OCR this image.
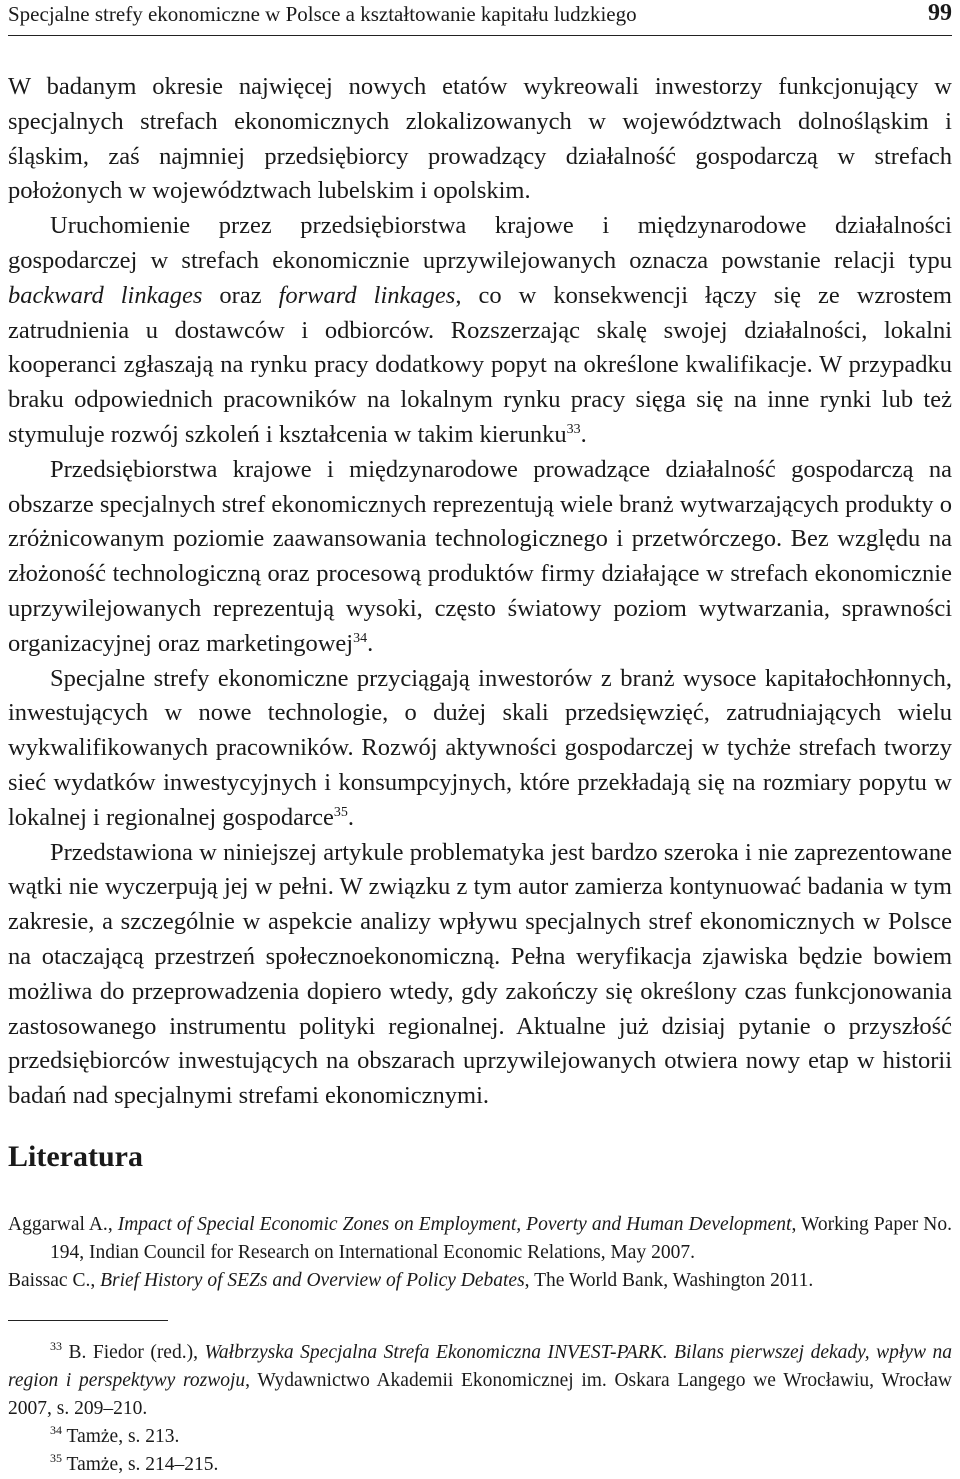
Specjalne strefy ekonomiczne w Polsce a kształtowanie kapitału ludzkiego	99

W badanym okresie najwięcej nowych etatów wykreowali inwestorzy funkcjonujący w specjalnych strefach ekonomicznych zlokalizowanych w województwach dolnośląskim i śląskim, zaś najmniej przedsiębiorcy prowadzący działalność gospodarczą w strefach położonych w województwach lubelskim i opolskim.

Uruchomienie przez przedsiębiorstwa krajowe i międzynarodowe działalności gospodarczej w strefach ekonomicznie uprzywilejowanych oznacza powstanie relacji typu backward linkages oraz forward linkages, co w konsekwencji łączy się ze wzrostem zatrudnienia u dostawców i odbiorców. Rozszerzając skalę swojej działalności, lokalni kooperanci zgłaszają na rynku pracy dodatkowy popyt na określone kwalifikacje. W przypadku braku odpowiednich pracowników na lokalnym rynku pracy sięga się na inne rynki lub też stymuluje rozwój szkoleń i kształcenia w takim kierunku$^{33}$.

Przedsiębiorstwa krajowe i międzynarodowe prowadzące działalność gospodarczą na obszarze specjalnych stref ekonomicznych reprezentują wiele branż wytwarzających produkty o zróżnicowanym poziomie zaawansowania technologicznego i przetwórczego. Bez względu na złożoność technologiczną oraz procesową produktów firmy działające w strefach ekonomicznie uprzywilejowanych reprezentują wysoki, często światowy poziom wytwarzania, sprawności organizacyjnej oraz marketingowej$^{34}$.

Specjalne strefy ekonomiczne przyciągają inwestorów z branż wysoce kapitałochłonnych, inwestujących w nowe technologie, o dużej skali przedsięwzięć, zatrudniających wielu wykwalifikowanych pracowników. Rozwój aktywności gospodarczej w tychże strefach tworzy sieć wydatków inwestycyjnych i konsumpcyjnych, które przekładają się na rozmiary popytu w lokalnej i regionalnej gospodarce$^{35}$.

Przedstawiona w niniejszej artykule problematyka jest bardzo szeroka i nie zaprezentowane wątki nie wyczerpują jej w pełni. W związku z tym autor zamierza kontynuować badania w tym zakresie, a szczególnie w aspekcie analizy wpływu specjalnych stref ekonomicznych w Polsce na otaczającą przestrzeń społecznoekonomiczną. Pełna weryfikacja zjawiska będzie bowiem możliwa do przeprowadzenia dopiero wtedy, gdy zakończy się określony czas funkcjonowania zastosowanego instrumentu polityki regionalnej. Aktualne już dzisiaj pytanie o przyszłość przedsiębiorców inwestujących na obszarach uprzywilejowanych otwiera nowy etap w historii badań nad specjalnymi strefami ekonomicznymi.

Literatura

Aggarwal A., Impact of Special Economic Zones on Employment, Poverty and Human Development, Working Paper No. 194, Indian Council for Research on International Economic Relations, May 2007.

Baissac C., Brief History of SEZs and Overview of Policy Debates, The World Bank, Washington 2011.

$^{33}$ B. Fiedor (red.), Wałbrzyska Specjalna Strefa Ekonomiczna INVEST-PARK. Bilans pierwszej dekady, wpływ na region i perspektywy rozwoju, Wydawnictwo Akademii Ekonomicznej im. Oskara Langego we Wrocławiu, Wrocław 2007, s. 209–210.

$^{34}$ Tamże, s. 213.

$^{35}$ Tamże, s. 214–215.
